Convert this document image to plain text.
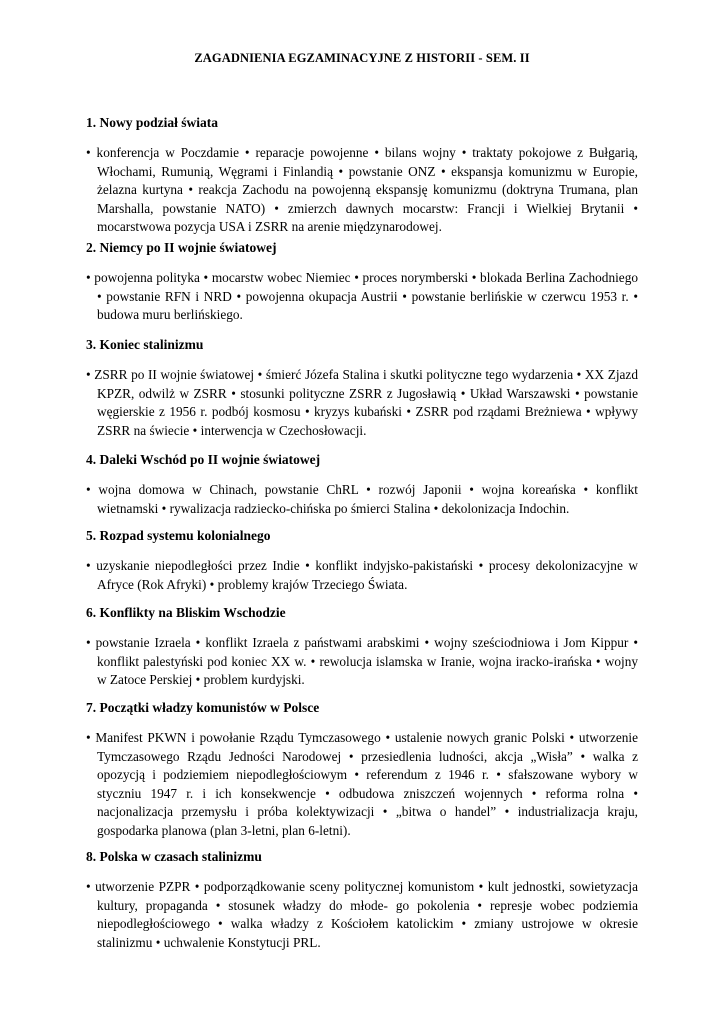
ZAGADNIENIA EGZAMINACYJNE Z HISTORII - SEM. II
1. Nowy podział świata

• konferencja w Poczdamie • reparacje powojenne • bilans wojny • traktaty pokojowe z Bułgarią, Włochami, Rumunią, Węgrami i Finlandią • powstanie ONZ • ekspansja komunizmu w Europie, żelazna kurtyna • reakcja Zachodu na powojenną ekspansję komunizmu (doktryna Trumana, plan Marshalla, powstanie NATO) • zmierzch dawnych mocarstw: Francji i Wielkiej Brytanii • mocarstwowa pozycja USA i ZSRR na arenie międzynarodowej.

2. Niemcy po II wojnie światowej

• powojenna polityka • mocarstw wobec Niemiec • proces norymberski • blokada Berlina Zachodniego • powstanie RFN i NRD • powojenna okupacja Austrii • powstanie berlińskie w czerwcu 1953 r. • budowa muru berlińskiego.

3. Koniec stalinizmu

• ZSRR po II wojnie światowej • śmierć Józefa Stalina i skutki polityczne tego wydarzenia • XX Zjazd KPZR, odwilż w ZSRR • stosunki polityczne ZSRR z Jugosławią • Układ Warszawski • powstanie węgierskie z 1956 r. podbój kosmosu • kryzys kubański • ZSRR pod rządami Breżniewa • wpływy ZSRR na świecie • interwencja w Czechosłowacji.

4. Daleki Wschód po II wojnie światowej

• wojna domowa w Chinach, powstanie ChRL • rozwój Japonii • wojna koreańska • konflikt wietnamski • rywalizacja radziecko-chińska po śmierci Stalina • dekolonizacja Indochin.

5. Rozpad systemu kolonialnego

• uzyskanie niepodległości przez Indie • konflikt indyjsko-pakistański • procesy dekolonizacyjne w Afryce (Rok Afryki) • problemy krajów Trzeciego Świata.

6. Konflikty na Bliskim Wschodzie

• powstanie Izraela • konflikt Izraela z państwami arabskimi • wojny sześciodniowa i Jom Kippur • konflikt palestyński pod koniec XX w. • rewolucja islamska w Iranie, wojna iracko-irańska • wojny w Zatoce Perskiej • problem kurdyjski.

7. Początki władzy komunistów w Polsce

• Manifest PKWN i powołanie Rządu Tymczasowego • ustalenie nowych granic Polski • utworzenie Tymczasowego Rządu Jedności Narodowej • przesiedlenia ludności, akcja „Wisła” • walka z opozycją i podziemiem niepodległościowym • referendum z 1946 r. • sfałszowane wybory w styczniu 1947 r. i ich konsekwencje • odbudowa zniszczeń wojennych • reforma rolna • nacjonalizacja przemysłu i próba kolektywizacji • „bitwa o handel” • industrializacja kraju, gospodarka planowa (plan 3-letni, plan 6-letni).

8. Polska w czasach stalinizmu

• utworzenie PZPR • podporządkowanie sceny politycznej komunistom • kult jednostki, sowietyzacja kultury, propaganda • stosunek władzy do młode- go pokolenia • represje wobec podziemia niepodległościowego • walka władzy z Kościołem katolickim • zmiany ustrojowe w okresie stalinizmu • uchwalenie Konstytucji PRL.
